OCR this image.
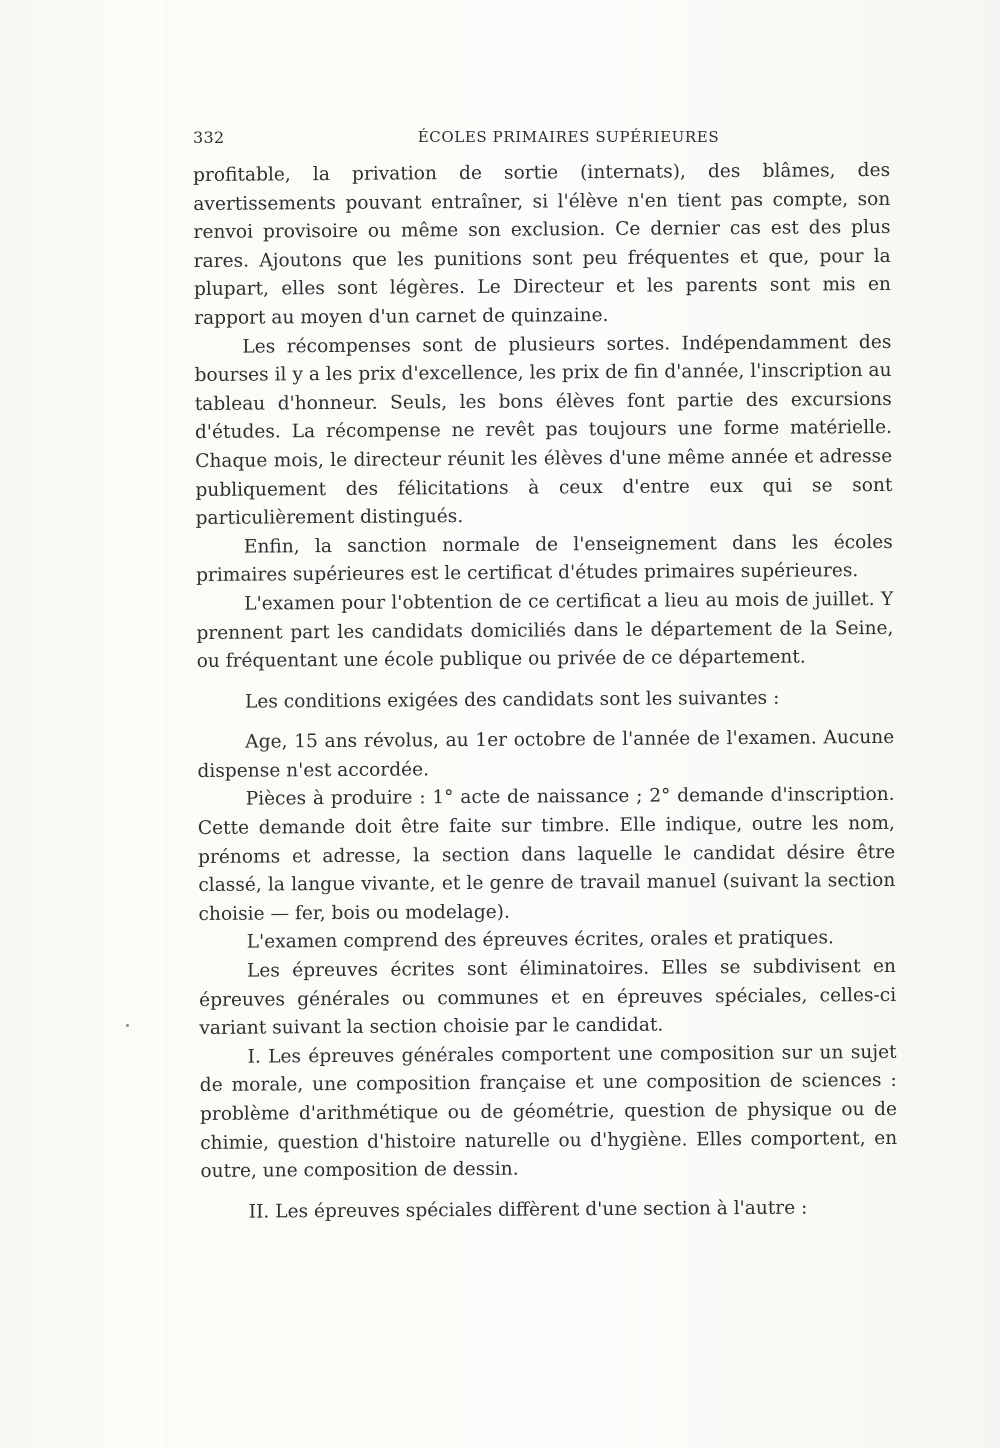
332	ÉCOLES PRIMAIRES SUPÉRIEURES

profitable, la privation de sortie (internats), des blâmes, des avertissements pouvant entraîner, si l'élève n'en tient pas compte, son renvoi provisoire ou même son exclusion. Ce dernier cas est des plus rares. Ajoutons que les punitions sont peu fréquentes et que, pour la plupart, elles sont légères. Le Directeur et les parents sont mis en rapport au moyen d'un carnet de quinzaine.

Les récompenses sont de plusieurs sortes. Indépendamment des bourses il y a les prix d'excellence, les prix de fin d'année, l'inscription au tableau d'honneur. Seuls, les bons élèves font partie des excursions d'études. La récompense ne revêt pas toujours une forme matérielle. Chaque mois, le directeur réunit les élèves d'une même année et adresse publiquement des félicitations à ceux d'entre eux qui se sont particulièrement distingués.

Enfin, la sanction normale de l'enseignement dans les écoles primaires supérieures est le certificat d'études primaires supérieures.

L'examen pour l'obtention de ce certificat a lieu au mois de juillet. Y prennent part les candidats domiciliés dans le département de la Seine, ou fréquentant une école publique ou privée de ce département.

Les conditions exigées des candidats sont les suivantes :

Age, 15 ans révolus, au 1er octobre de l'année de l'examen. Aucune dispense n'est accordée.

Pièces à produire : 1° acte de naissance ; 2° demande d'inscription. Cette demande doit être faite sur timbre. Elle indique, outre les nom, prénoms et adresse, la section dans laquelle le candidat désire être classé, la langue vivante, et le genre de travail manuel (suivant la section choisie — fer, bois ou modelage).

L'examen comprend des épreuves écrites, orales et pratiques.

Les épreuves écrites sont éliminatoires. Elles se subdivisent en épreuves générales ou communes et en épreuves spéciales, celles-ci variant suivant la section choisie par le candidat.

I. Les épreuves générales comportent une composition sur un sujet de morale, une composition française et une composition de sciences : problème d'arithmétique ou de géométrie, question de physique ou de chimie, question d'histoire naturelle ou d'hygiène. Elles comportent, en outre, une composition de dessin.

II. Les épreuves spéciales diffèrent d'une section à l'autre :
